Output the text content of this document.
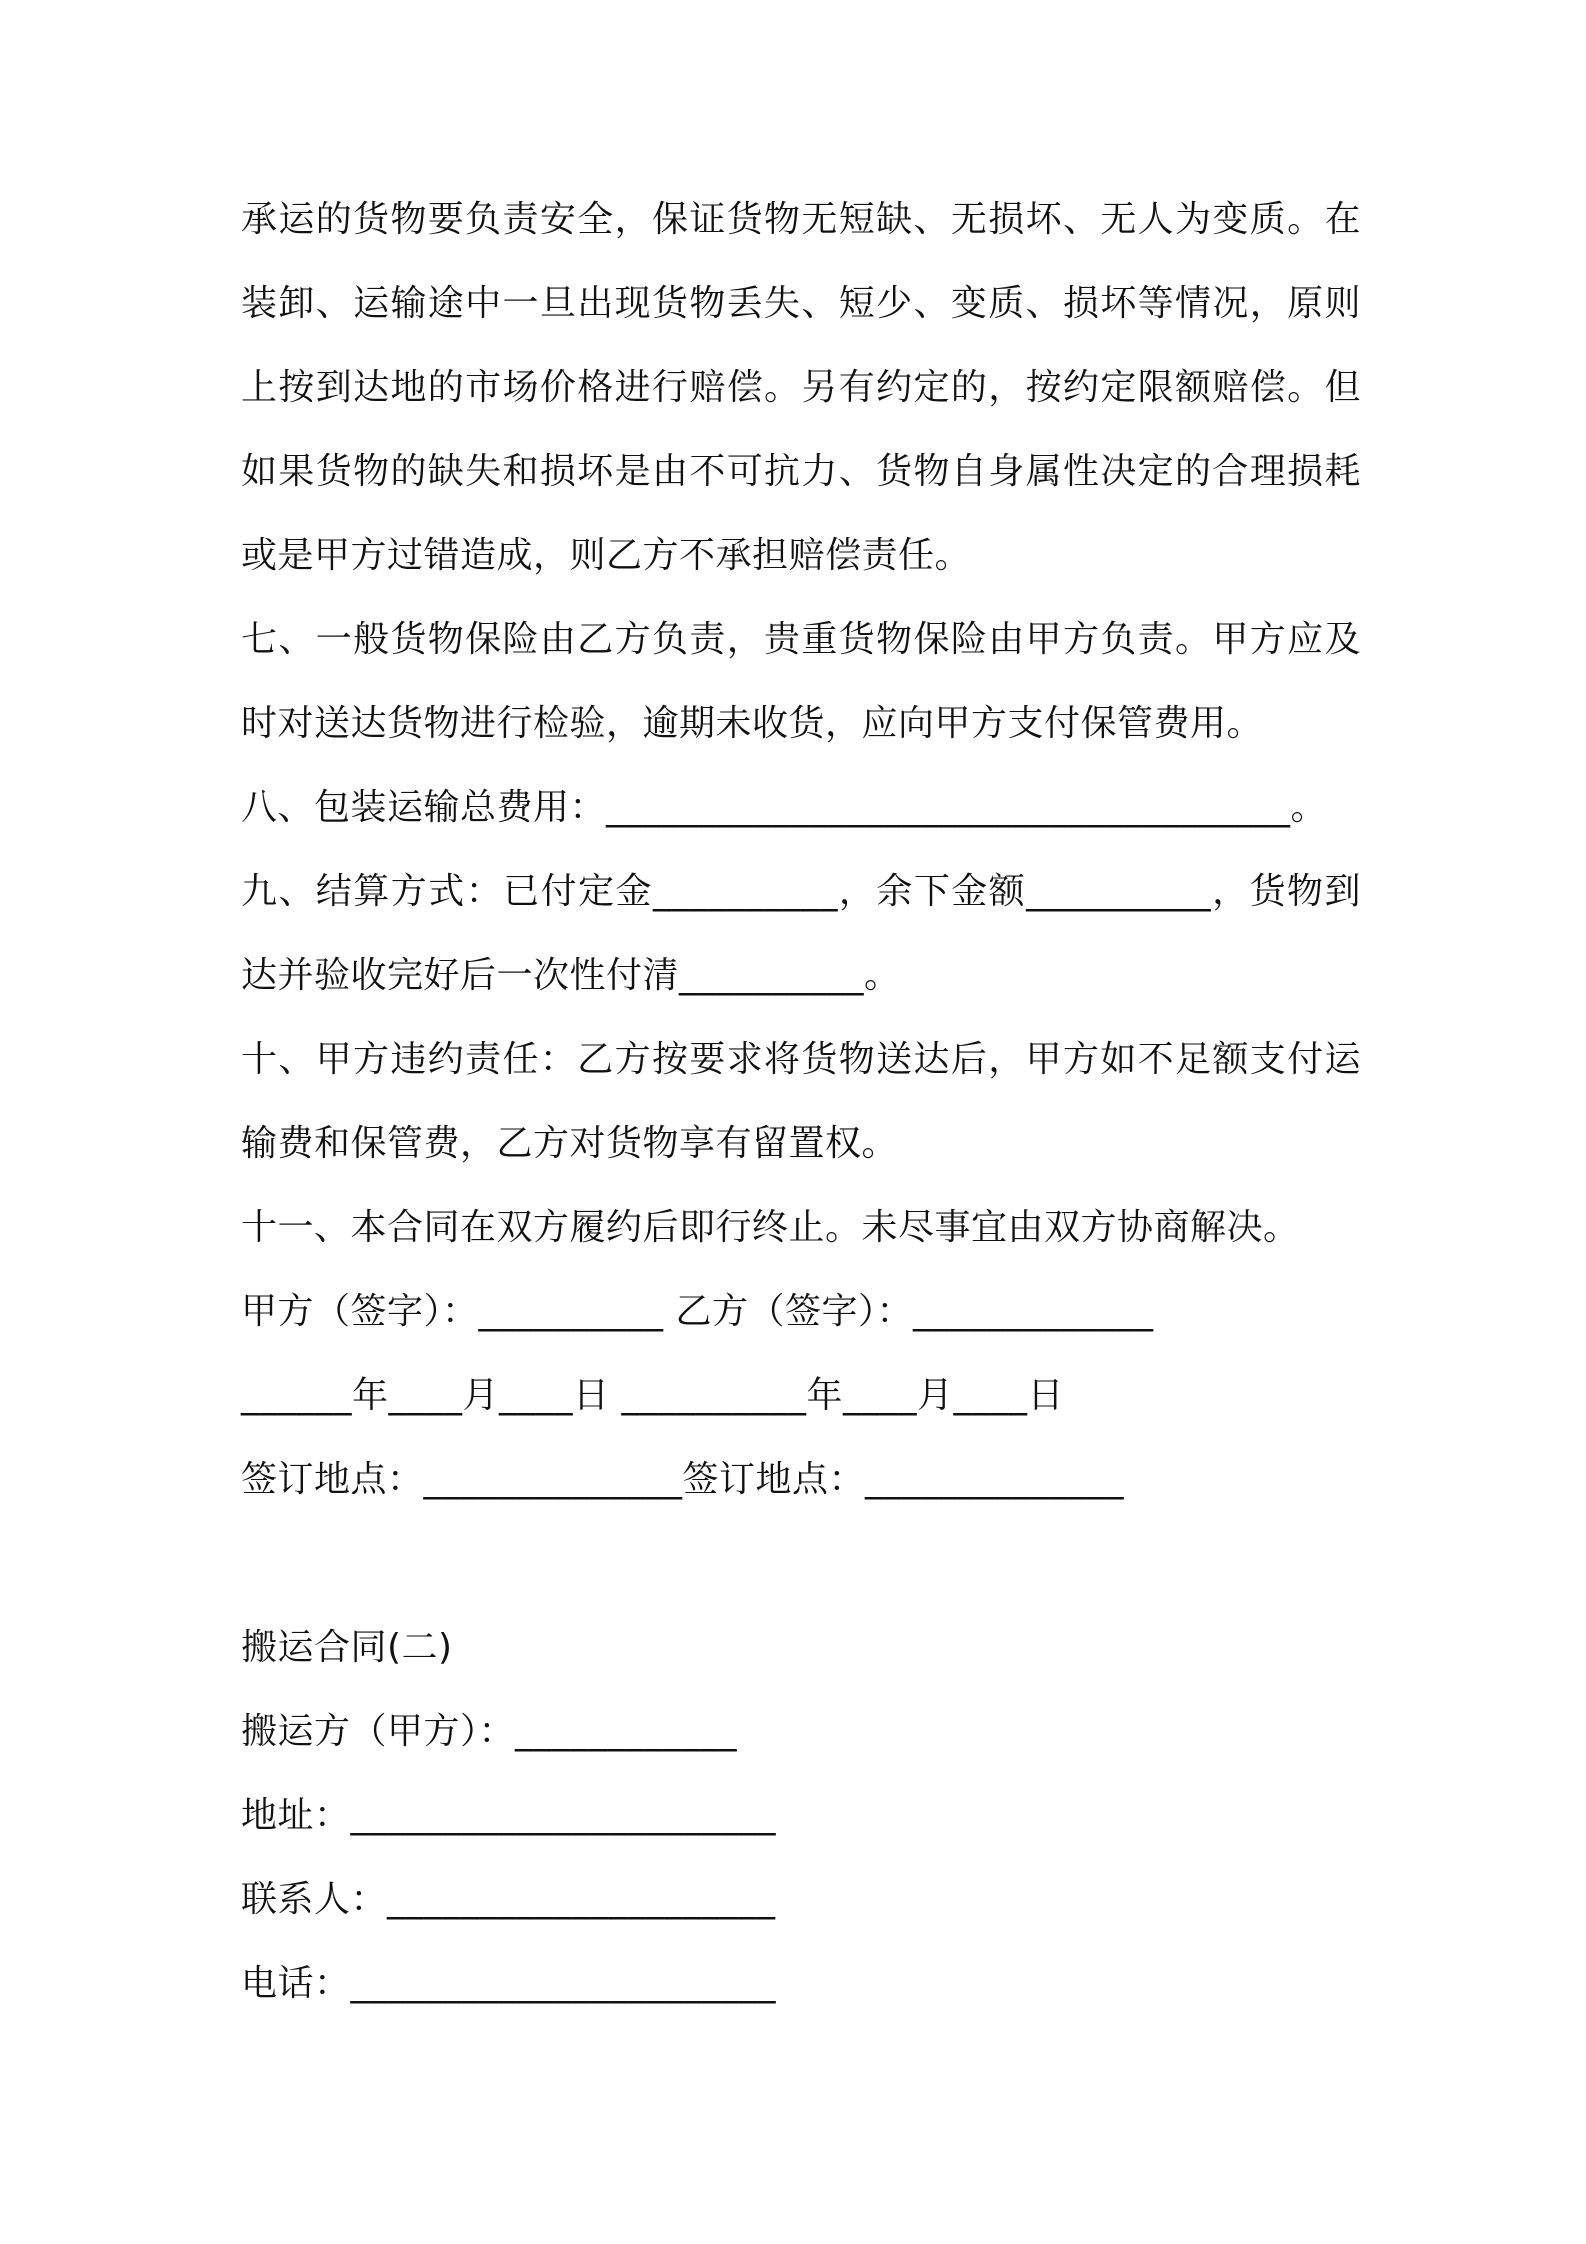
承运的货物要负责安全，保证货物无短缺、无损坏、无人为变质。在
装卸、运输途中一旦出现货物丢失、短少、变质、损坏等情况，原则
上按到达地的市场价格进行赔偿。另有约定的，按约定限额赔偿。但
如果货物的缺失和损坏是由不可抗力、货物自身属性决定的合理损耗
或是甲方过错造成，则乙方不承担赔偿责任。
七、一般货物保险由乙方负责，贵重货物保险由甲方负责。甲方应及
时对送达货物进行检验，逾期未收货，应向甲方支付保管费用。
八、包装运输总费用：_____________________________________。
九、结算方式：已付定金__________，余下金额__________，货物到
达并验收完好后一次性付清__________。
十、甲方违约责任：乙方按要求将货物送达后，甲方如不足额支付运
输费和保管费，乙方对货物享有留置权。
十一、本合同在双方履约后即行终止。未尽事宜由双方协商解决。
甲方（签字）：__________ 乙方（签字）：_____________
______年____月____日 __________年____月____日
签订地点：______________签订地点：______________
搬运合同(二)
搬运方（甲方）：____________
地址：_______________________
联系人：_____________________
电话：_______________________
